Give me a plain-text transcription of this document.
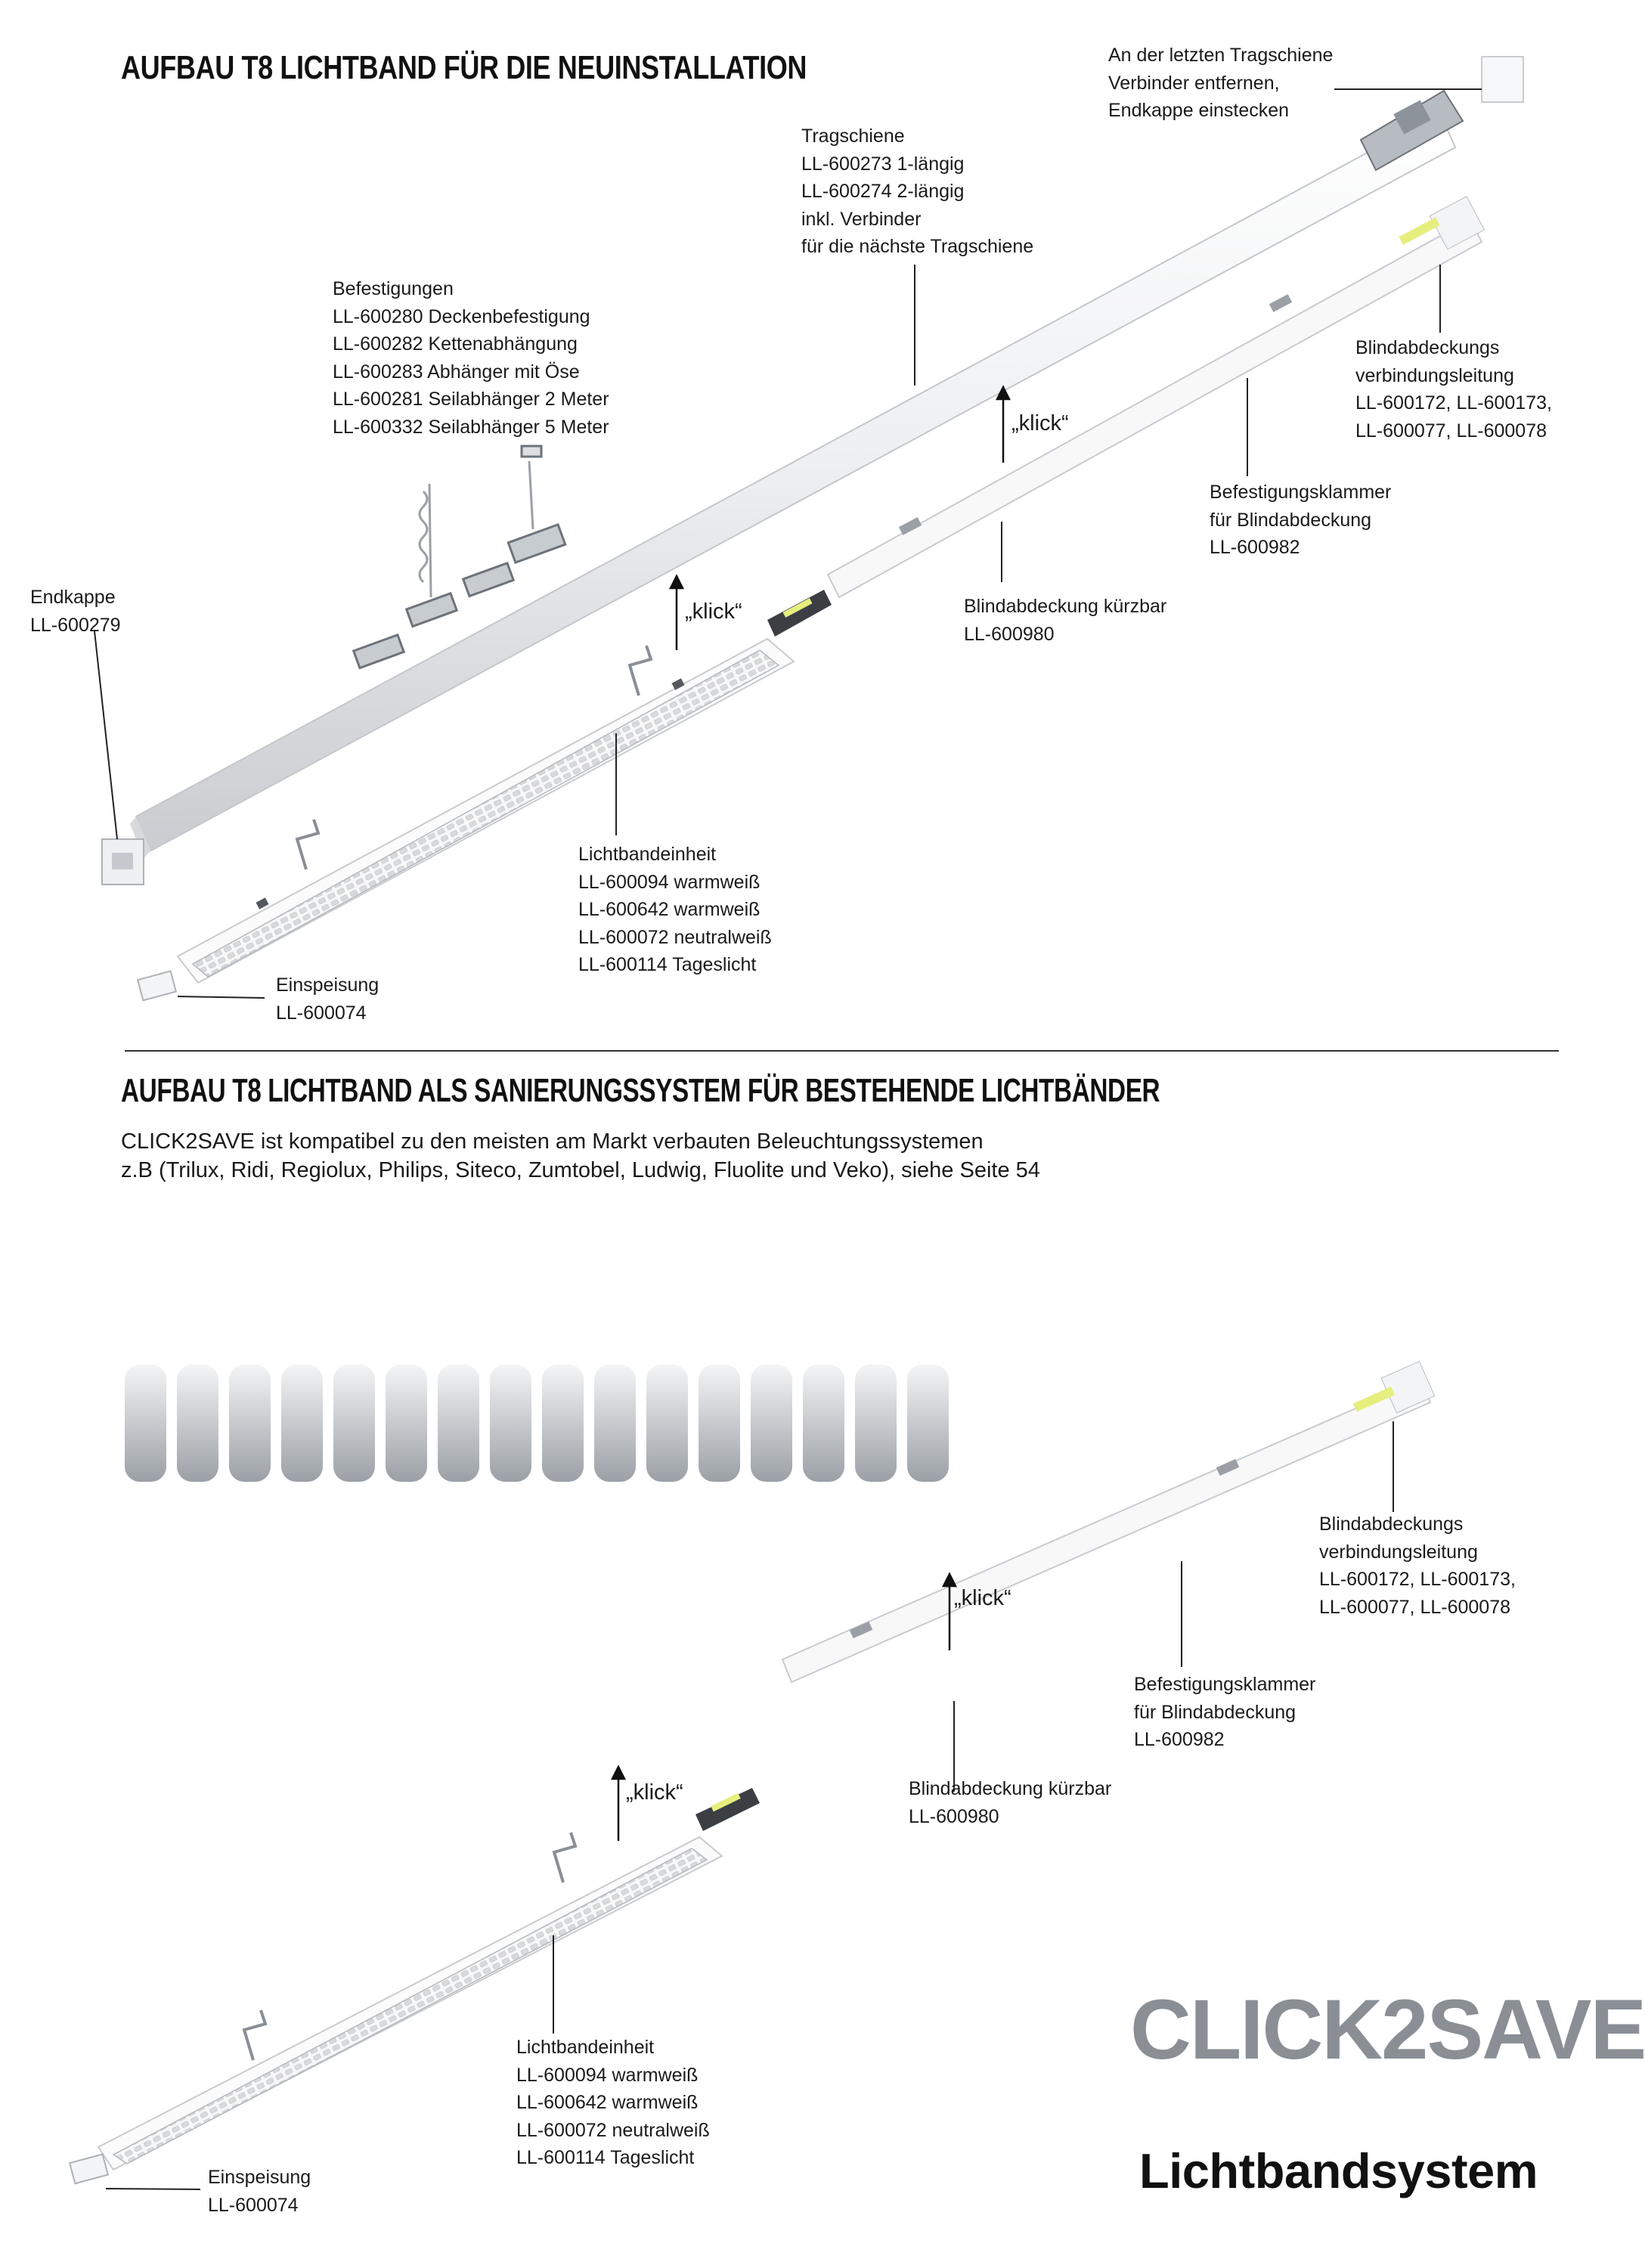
AUFBAU T8 LICHTBAND FÜR DIE NEUINSTALLATION	An der letzten Tragschiene
Verbinder entfernen,
Endkappe einstecken
Tragschiene
LL-600273 1-längig
LL-600274 2-längig
inkl. Verbinder
für die nächste Tragschiene
Befestigungen
LL-600280 Deckenbefestigung
LL-600282 Kettenabhängung
LL-600283 Abhänger mit Öse
LL-600281 Seilabhänger 2 Meter
LL-600332 Seilabhänger 5 Meter
Blindabdeckungs
verbindungsleitung
LL-600172, LL-600173,
LL-600077, LL-600078
Befestigungsklammer
für Blindabdeckung
LL-600982
Blindabdeckung kürzbar
LL-600980
Endkappe
LL-600279
Lichtbandeinheit
LL-600094 warmweiß
LL-600642 warmweiß
LL-600072 neutralweiß
LL-600114 Tageslicht
Einspeisung
LL-600074
„klick“
„klick“
AUFBAU T8 LICHTBAND ALS SANIERUNGSSYSTEM FÜR BESTEHENDE LICHTBÄNDER
CLICK2SAVE ist kompatibel zu den meisten am Markt verbauten Beleuchtungssystemen
z.B (Trilux, Ridi, Regiolux, Philips, Siteco, Zumtobel, Ludwig, Fluolite und Veko), siehe Seite 54
Blindabdeckungs
verbindungsleitung
LL-600172, LL-600173,
LL-600077, LL-600078
Befestigungsklammer
für Blindabdeckung
LL-600982
Blindabdeckung kürzbar
LL-600980
Lichtbandeinheit
LL-600094 warmweiß
LL-600642 warmweiß
LL-600072 neutralweiß
LL-600114 Tageslicht
Einspeisung
LL-600074
„klick“
„klick“
CLICK2SAVE
Lichtbandsystem
